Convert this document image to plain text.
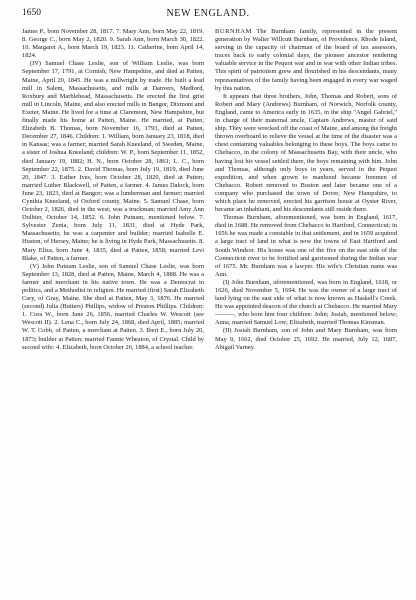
1650	NEW ENGLAND.

James P., born November 28, 1817. 7. Mary Ann, born May 22, 1819. 8. George C., born May 2, 1820. 9. Sarah Ann, born March 30, 1822. 10. Margaret A., born March 19, 1823. 11. Catherine, born April 14, 1824.

(IV) Samuel Chase Leslie, son of William Leslie, was born September 17, 1791, at Cornish, New Hampshire, and died at Patten, Maine, April 20, 1845. He was a millwright by trade. He built a lead mill in Salem, Massachusetts, and mills at Danvers, Medford, Roxbury and Marblehead, Massachusetts. He erected the first grist mill in Lincoln, Maine, and also erected mills in Bangor, Dixmont and Exeter, Maine. He lived for a time at Claremont, New Hampshire, but finally made his home at Patten, Maine. He married, at Patten, Elizabeth B. Thomas, born November 16, 1793, died at Patten, December 27, 1846. Children: 1. William, born January 23, 1818, died in Kansas; was a farmer; married Sarah Kneeland, of Sweden, Maine, a sister of Joshua Kneeland; children: W. P., born September 11, 1852, died January 19, 1882; H. N., born October 28, 1861; L. C., born September 22, 1875. 2. David Thomas, born July 19, 1819, died June 20, 1847. 3. Esther Ives, born October 28, 1820, died at Patten; married Luther Blackwell, of Patten, a farmer. 4. James Dalock, born June 23, 1823, died at Bangor; was a lumberman and farmer; married Cynthia Kneeland, of Oxford county, Maine. 5. Samuel Chase, born October 2, 1826, died in the west; was a truckman; married Amy Ann Dolbier, October 14, 1852. 6. John Putnam, mentioned below. 7. Sylvester Zenia, born July 11, 1831, died at Hyde Park, Massachusetts; he was a carpenter and builder; married Isabelle E. Huston, of Hersey, Maine; he is living in Hyde Park, Massachusetts. 8. Mary Eliza, born June 4, 1835, died at Patten, 1858; married Levi Blake, of Patten, a farmer.

(V) John Putnam Leslie, son of Samuel Chase Leslie, was born September 13, 1828, died at Patten, Maine, March 4, 1888. He was a farmer and merchant in his native town. He was a Democrat in politics, and a Methodist in religion. He married (first) Sarah Elizabeth Cary, of Gray, Maine. She died at Patten, May 3, 1876. He married (second) Julia (Butters) Phillips, widow of Preston Phillips. Children: 1. Cora W., born June 26, 1856, married Charles W. Wescott (see Wescott II). 2. Lena C., born July 24, 1868, died April, 1885; married W. T. Cobb, of Patten, a merchant at Patten. 3. Ibert E., born July 20, 1873; builder at Patten; married Fannie Wheaton, of Crystal. Child by second wife: 4. Elizabeth, born October 26, 1884, a school teacher.

BURNHAM The Burnham family, represented in the present generation by Walter Willcutt Burnham, of Providence, Rhode Island, serving in the capacity of chairman of the board of tax assessors, traces back to early colonial days, the pioneer ancestor rendering valuable service in the Pequot war and in war with other Indian tribes. This spirit of patriotism grew and flourished in his descendants, many representatives of the family having been engaged in every war waged by this nation.

It appears that three brothers, John, Thomas and Robert, sons of Robert and Mary (Andrews) Burnham, of Norwich, Norfolk county, England, came to America early in 1635, in the ship "Angel Gabriel," in charge of their maternal uncle, Captain Andrews, master of said ship. They were wrecked off the coast of Maine, and among the freight thrown overboard to relieve the vessel at the time of the disaster was a chest containing valuables belonging to these boys. The boys came to Chebacco, in the colony of Massachusetts Bay, with their uncle, who having lost his vessel settled there, the boys remaining with him. John and Thomas, although only boys in years, served in the Pequot expedition, and when grown to manhood became freemen of Chebacco. Robert removed to Boston and later became one of a company who purchased the town of Dover, New Hampshire, to which place he removed, erected his garrison house at Oyster River, became an inhabitant, and his descendants still reside there.

Thomas Burnham, aforementioned, was born in England, 1617, died in 1688. He removed from Chebacco to Hartford, Connecticut; in 1656 he was made a constable in that settlement, and in 1659 acquired a large tract of land in what is now the towns of East Hartford and South Windsor. His house was one of the five on the east side of the Connecticut river to be fortified and garrisoned during the Indian war of 1675. Mr. Burnham was a lawyer. His wife's Christian name was Ann.

(I) John Burnham, aforementioned, was born in England, 1618, or 1626, died November 5, 1694. He was the owner of a large tract of land lying on the east side of what is now known as Haskell's Creek. He was appointed deacon of the church at Chebacco. He married Mary ———, who bore him four children: John; Josiah, mentioned below; Anna, married Samuel Low; Elizabeth, married Thomas Kinsman.

(II) Josiah Burnham, son of John and Mary Burnham, was born May 9, 1662, died October 25, 1692. He married, July 12, 1687, Abigail Varney.
